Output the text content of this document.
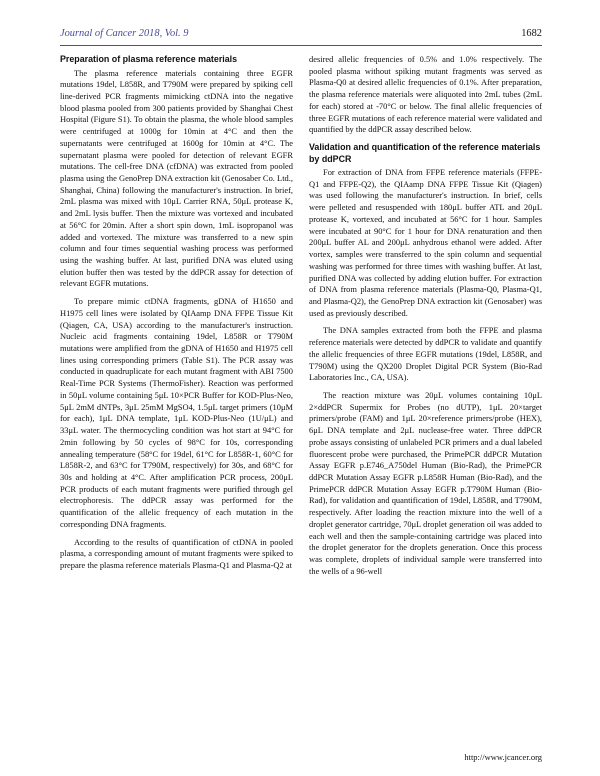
Journal of Cancer 2018, Vol. 9	1682
Preparation of plasma reference materials

The plasma reference materials containing three EGFR mutations 19del, L858R, and T790M were prepared by spiking cell line-derived PCR fragments mimicking ctDNA into the negative blood plasma pooled from 300 patients provided by Shanghai Chest Hospital (Figure S1). To obtain the plasma, the whole blood samples were centrifuged at 1000g for 10min at 4°C and then the supernatants were centrifuged at 1600g for 10min at 4°C. The supernatant plasma were pooled for detection of relevant EGFR mutations. The cell-free DNA (cfDNA) was extracted from pooled plasma using the GenoPrep DNA extraction kit (Genosaber Co. Ltd., Shanghai, China) following the manufacturer's instruction. In brief, 2mL plasma was mixed with 10μL Carrier RNA, 50μL protease K, and 2mL lysis buffer. Then the mixture was vortexed and incubated at 56°C for 20min. After a short spin down, 1mL isopropanol was added and vortexed. The mixture was transferred to a new spin column and four times sequential washing process was performed using the washing buffer. At last, purified DNA was eluted using elution buffer then was tested by the ddPCR assay for detection of relevant EGFR mutations.

To prepare mimic ctDNA fragments, gDNA of H1650 and H1975 cell lines were isolated by QIAamp DNA FFPE Tissue Kit (Qiagen, CA, USA) according to the manufacturer's instruction. Nucleic acid fragments containing 19del, L858R or T790M mutations were amplified from the gDNA of H1650 and H1975 cell lines using corresponding primers (Table S1). The PCR assay was conducted in quadruplicate for each mutant fragment with ABI 7500 Real-Time PCR Systems (ThermoFisher). Reaction was performed in 50μL volume containing 5μL 10×PCR Buffer for KOD-Plus-Neo, 5μL 2mM dNTPs, 3μL 25mM MgSO4, 1.5μL target primers (10μM for each), 1μL DNA template, 1μL KOD-Plus-Neo (1U/μL) and 33μL water. The thermocycling condition was hot start at 94°C for 2min following by 50 cycles of 98°C for 10s, corresponding annealing temperature (58°C for 19del, 61°C for L858R-1, 60°C for L858R-2, and 63°C for T790M, respectively) for 30s, and 68°C for 30s and holding at 4°C. After amplification PCR process, 200μL PCR products of each mutant fragments were purified through gel electrophoresis. The ddPCR assay was performed for the quantification of the allelic frequency of each mutation in the corresponding DNA fragments.

According to the results of quantification of ctDNA in pooled plasma, a corresponding amount of mutant fragments were spiked to prepare the plasma reference materials Plasma-Q1 and Plasma-Q2 at

desired allelic frequencies of 0.5% and 1.0% respectively. The pooled plasma without spiking mutant fragments was served as Plasma-Q0 at desired allelic frequencies of 0.1%. After preparation, the plasma reference materials were aliquoted into 2mL tubes (2mL for each) stored at -70°C or below. The final allelic frequencies of three EGFR mutations of each reference material were validated and quantified by the ddPCR assay described below.

Validation and quantification of the reference materials by ddPCR

For extraction of DNA from FFPE reference materials (FFPE-Q1 and FFPE-Q2), the QIAamp DNA FFPE Tissue Kit (Qiagen) was used following the manufacturer's instruction. In brief, cells were pelleted and resuspended with 180μL buffer ATL and 20μL protease K, vortexed, and incubated at 56°C for 1 hour. Samples were incubated at 90°C for 1 hour for DNA renaturation and then 200μL buffer AL and 200μL anhydrous ethanol were added. After vortex, samples were transferred to the spin column and sequential washing was performed for three times with washing buffer. At last, purified DNA was collected by adding elution buffer. For extraction of DNA from plasma reference materials (Plasma-Q0, Plasma-Q1, and Plasma-Q2), the GenoPrep DNA extraction kit (Genosaber) was used as previously described.

The DNA samples extracted from both the FFPE and plasma reference materials were detected by ddPCR to validate and quantify the allelic frequencies of three EGFR mutations (19del, L858R, and T790M) using the QX200 Droplet Digital PCR System (Bio-Rad Laboratories Inc., CA, USA).

The reaction mixture was 20μL volumes containing 10μL 2×ddPCR Supermix for Probes (no dUTP), 1μL 20×target primers/probe (FAM) and 1μL 20×reference primers/probe (HEX), 6μL DNA template and 2μL nuclease-free water. Three ddPCR probe assays consisting of unlabeled PCR primers and a dual labeled fluorescent probe were purchased, the PrimePCR ddPCR Mutation Assay EGFR p.E746_A750del Human (Bio-Rad), the PrimePCR ddPCR Mutation Assay EGFR p.L858R Human (Bio-Rad), and the PrimePCR ddPCR Mutation Assay EGFR p.T790M Human (Bio-Rad), for validation and quantification of 19del, L858R, and T790M, respectively. After loading the reaction mixture into the well of a droplet generator cartridge, 70μL droplet generation oil was added to each well and then the sample-containing cartridge was placed into the droplet generator for the droplets generation. Once this process was complete, droplets of individual sample were transferred into the wells of a 96-well

http://www.jcancer.org
